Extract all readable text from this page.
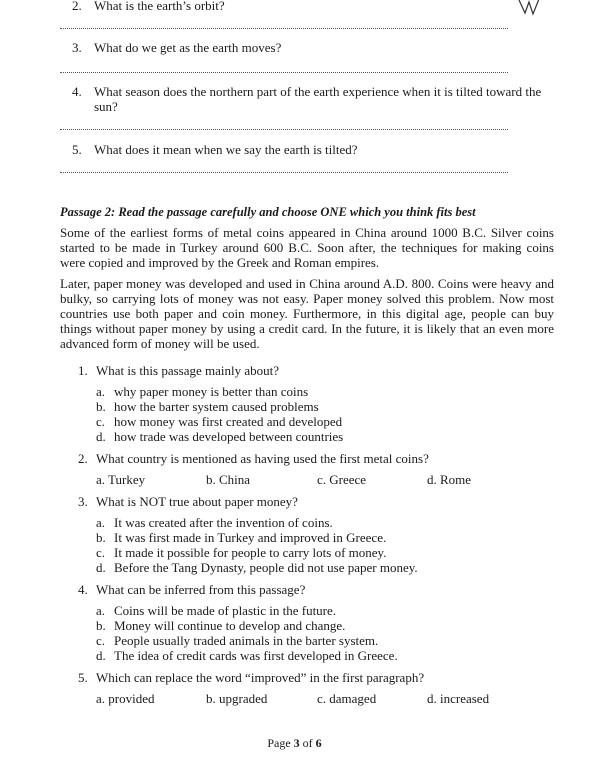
2. What is the earth’s orbit?
3. What do we get as the earth moves?
4. What season does the northern part of the earth experience when it is tilted toward the sun?
5. What does it mean when we say the earth is tilted?
Passage 2: Read the passage carefully and choose ONE which you think fits best
Some of the earliest forms of metal coins appeared in China around 1000 B.C. Silver coins started to be made in Turkey around 600 B.C. Soon after, the techniques for making coins were copied and improved by the Greek and Roman empires.
Later, paper money was developed and used in China around A.D. 800. Coins were heavy and bulky, so carrying lots of money was not easy. Paper money solved this problem. Now most countries use both paper and coin money. Furthermore, in this digital age, people can buy things without paper money by using a credit card. In the future, it is likely that an even more advanced form of money will be used.
1. What is this passage mainly about?
a. why paper money is better than coins
b. how the barter system caused problems
c. how money was first created and developed
d. how trade was developed between countries
2. What country is mentioned as having used the first metal coins?
a. Turkey	b. China	c. Greece	d. Rome
3. What is NOT true about paper money?
a. It was created after the invention of coins.
b. It was first made in Turkey and improved in Greece.
c. It made it possible for people to carry lots of money.
d. Before the Tang Dynasty, people did not use paper money.
4. What can be inferred from this passage?
a. Coins will be made of plastic in the future.
b. Money will continue to develop and change.
c. People usually traded animals in the barter system.
d. The idea of credit cards was first developed in Greece.
5. Which can replace the word “improved” in the first paragraph?
a. provided	b. upgraded	c. damaged	d. increased
Page 3 of 6
